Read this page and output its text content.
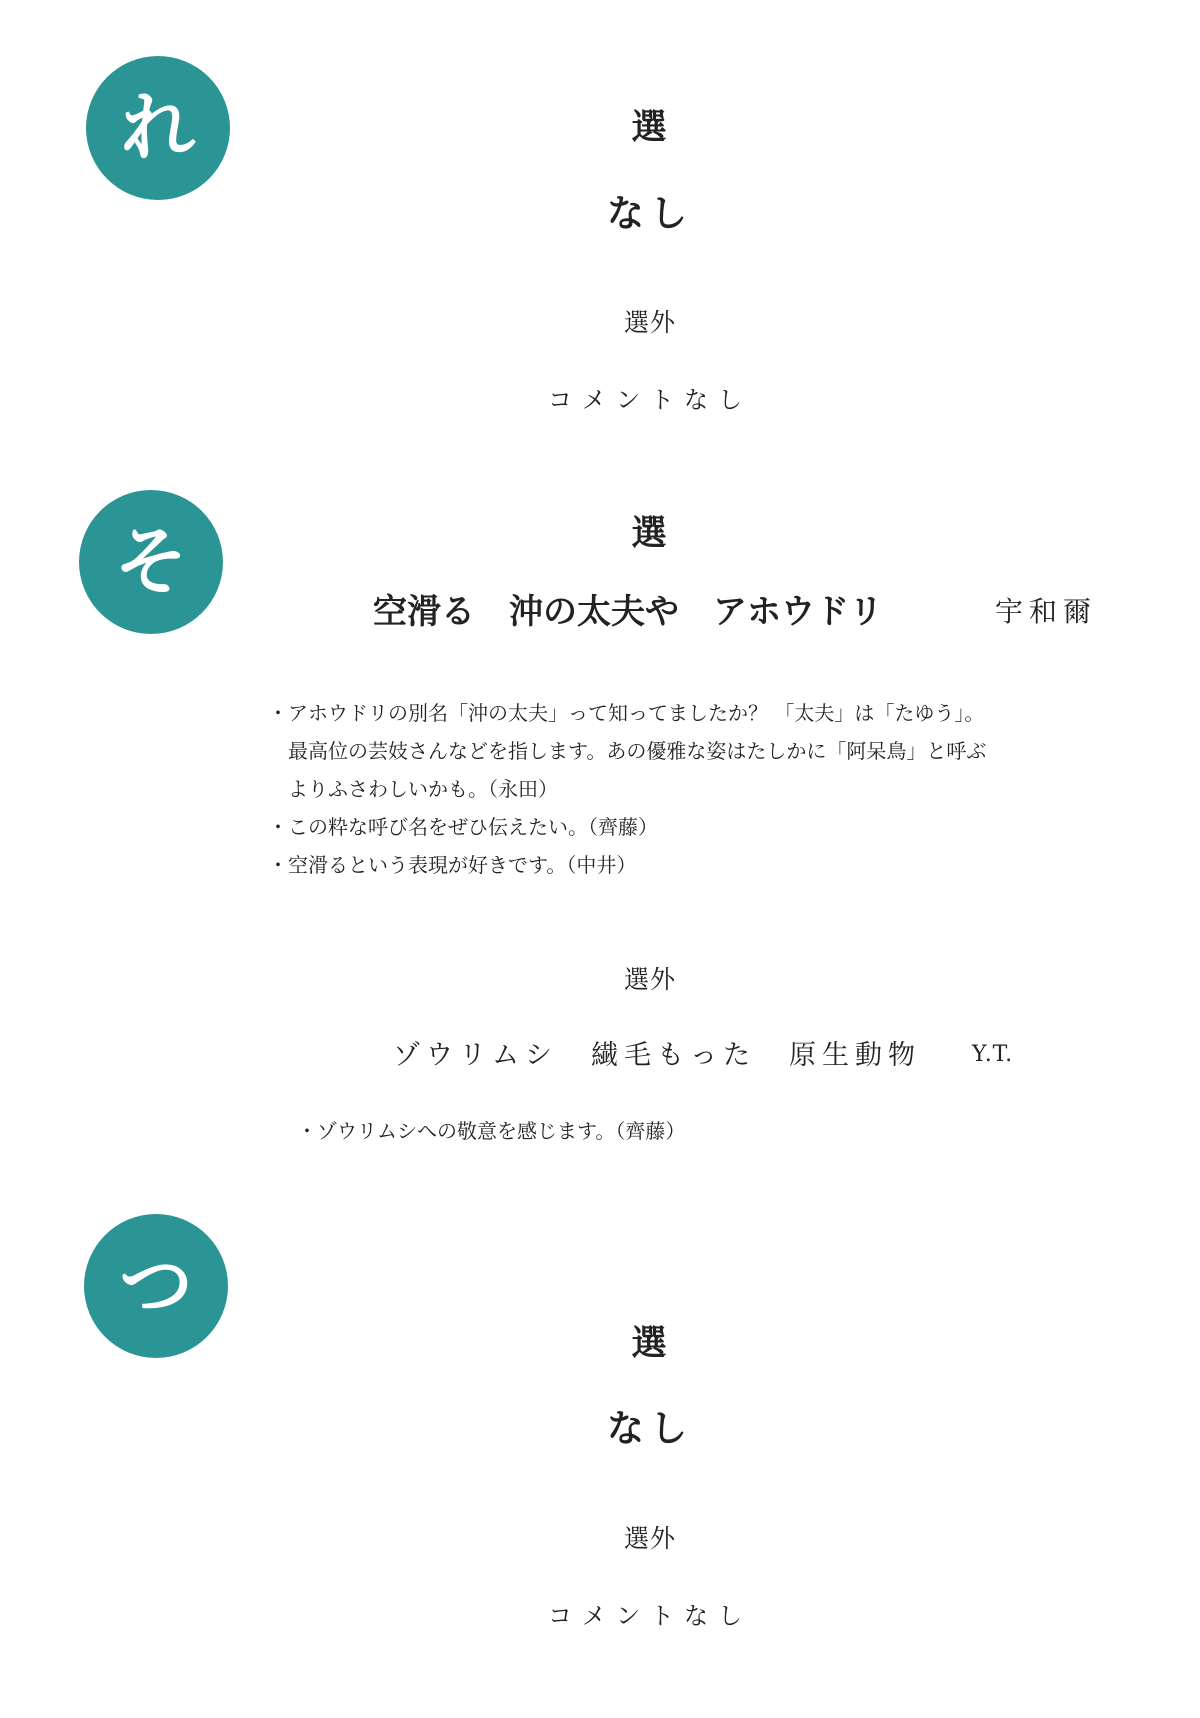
れ	選
なし
選外
コメントなし
そ	選
空滑る　沖の太夫や　アホウドリ	宇和爾
・アホウドリの別名「沖の太夫」って知ってましたか？ 「太夫」は「たゆう」。
　最高位の芸妓さんなどを指します。あの優雅な姿はたしかに「阿呆鳥」と呼ぶ
　よりふさわしいかも。（永田）
・この粋な呼び名をぜひ伝えたい。（齊藤）
・空滑るという表現が好きです。（中井）
選外
ゾウリムシ　繊毛もった　原生動物 Y.T.
・ゾウリムシへの敬意を感じます。（齊藤）
つ
選
なし
選外
コメントなし
